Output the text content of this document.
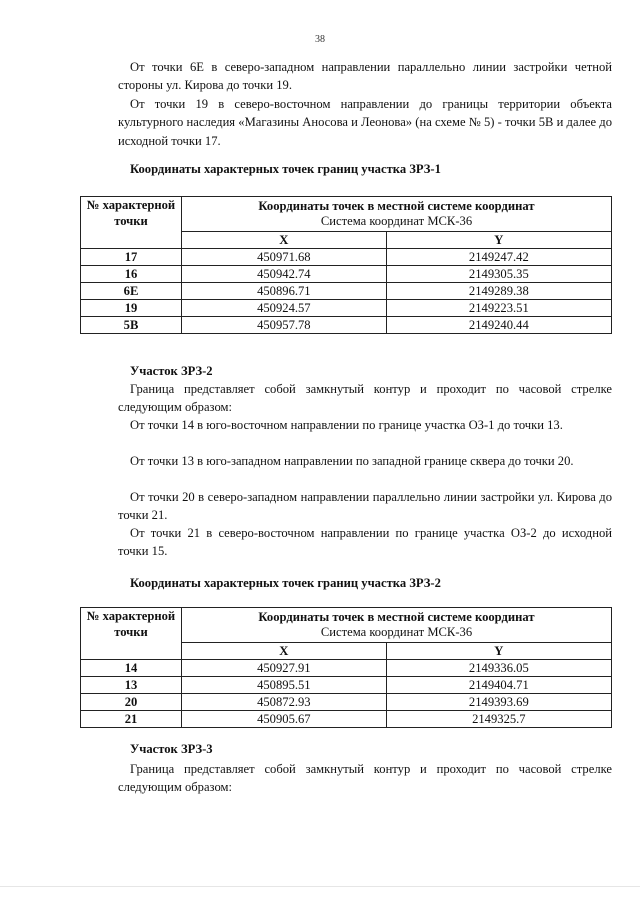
38

От точки 6Е в северо-западном направлении параллельно линии застройки четной стороны ул. Кирова до точки 19.

От точки 19 в северо-восточном направлении до границы территории объекта культурного наследия «Магазины Аносова и Леонова» (на схеме № 5) - точки 5В и далее до исходной точки 17.

Координаты характерных точек границ участка ЗРЗ-1

№ характерной точки	Координаты точек в местной системе координат
Система координат МСК-36	

	X	Y
17	450971.68	2149247.42
16	450942.74	2149305.35
6Е	450896.71	2149289.38
19	450924.57	2149223.51
5В	450957.78	2149240.44

Участок ЗРЗ-2

Граница представляет собой замкнутый контур и проходит по часовой стрелке следующим образом:

От точки 14 в юго-восточном направлении по границе участка ОЗ-1 до точки 13.

От точки 13 в юго-западном направлении по западной границе сквера до точки 20.

От точки 20 в северо-западном направлении параллельно линии застройки ул. Кирова до точки 21.

От точки 21 в северо-восточном направлении по границе участка ОЗ-2 до исходной точки 15.

Координаты характерных точек границ участка ЗРЗ-2

№ характерной точки	Координаты точек в местной системе координат
Система координат МСК-36	

	X	Y
14	450927.91	2149336.05
13	450895.51	2149404.71
20	450872.93	2149393.69
21	450905.67	2149325.7

Участок ЗРЗ-3

Граница представляет собой замкнутый контур и проходит по часовой стрелке следующим образом:
